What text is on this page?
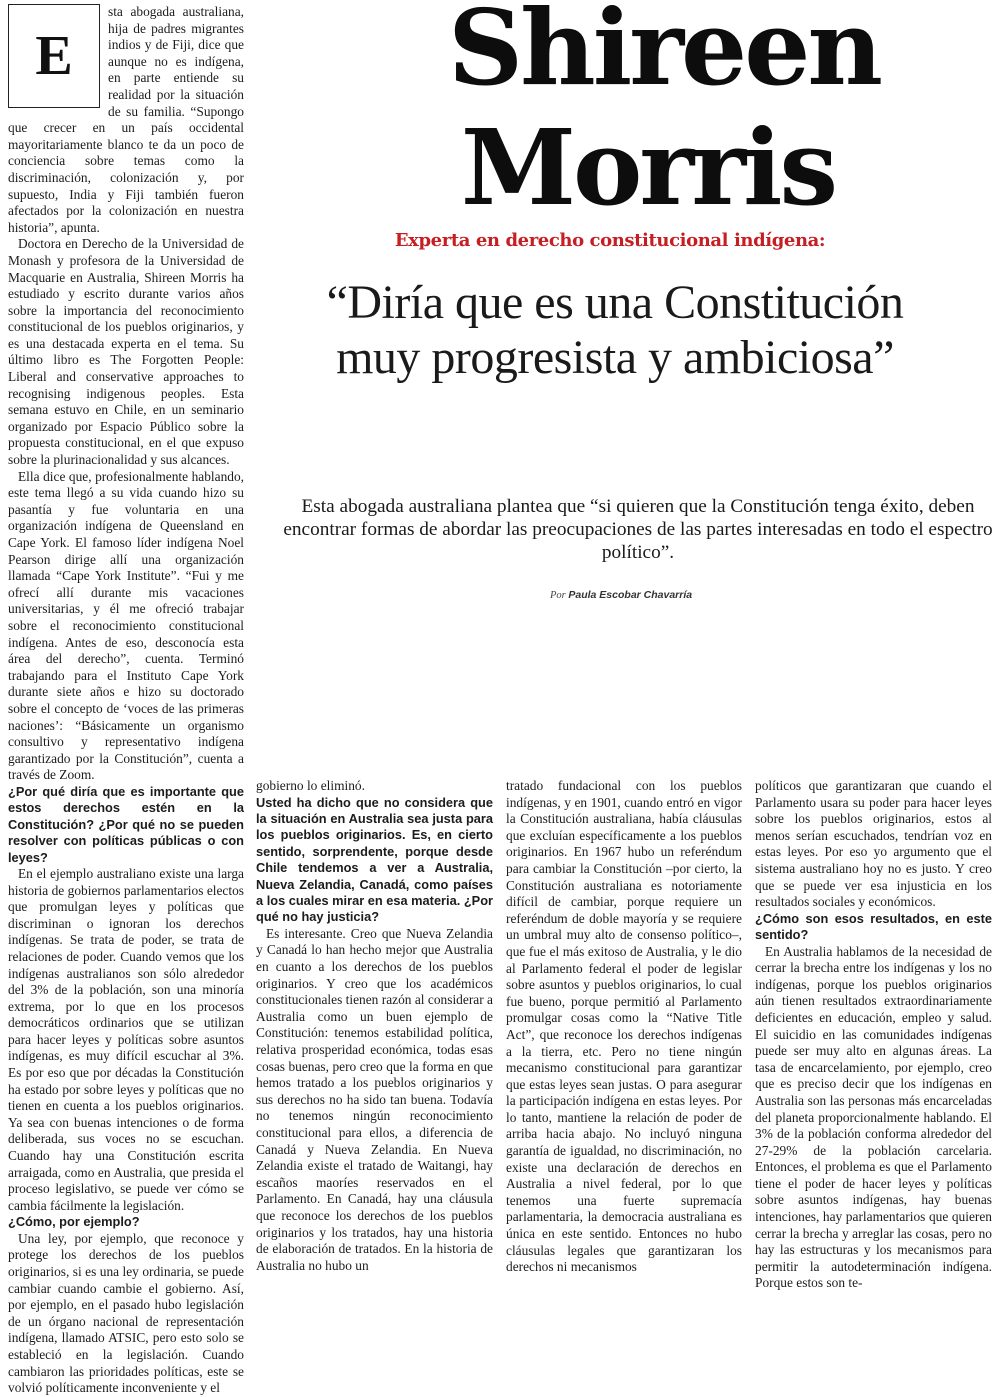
E

sta abogada australiana, hija de padres migrantes indios y de Fiji, dice que aunque no es indígena, en parte entiende su realidad por la situación de su familia. “Supongo que crecer en un país occidental mayoritariamente blanco te da un poco de conciencia sobre temas como la discriminación, colonización y, por supuesto, India y Fiji también fueron afectados por la colonización en nuestra historia”, apunta.

Doctora en Derecho de la Universidad de Monash y profesora de la Universidad de Macquarie en Australia, Shireen Morris ha estudiado y escrito durante varios años sobre la importancia del reconocimiento constitucional de los pueblos originarios, y es una destacada experta en el tema. Su último libro es The Forgotten People: Liberal and conservative approaches to recognising indigenous peoples. Esta semana estuvo en Chile, en un seminario organizado por Espacio Público sobre la propuesta constitucional, en el que expuso sobre la plurinacionalidad y sus alcances.

Ella dice que, profesionalmente hablando, este tema llegó a su vida cuando hizo su pasantía y fue voluntaria en una organización indígena de Queensland en Cape York. El famoso líder indígena Noel Pearson dirige allí una organización llamada “Cape York Institute”. “Fui y me ofrecí allí durante mis vacaciones universitarias, y él me ofreció trabajar sobre el reconocimiento constitucional indígena. Antes de eso, desconocía esta área del derecho”, cuenta. Terminó trabajando para el Instituto Cape York durante siete años e hizo su doctorado sobre el concepto de ‘voces de las primeras naciones’: “Básicamente un organismo consultivo y representativo indígena garantizado por la Constitución”, cuenta a través de Zoom.

¿Por qué diría que es importante que estos derechos estén en la Constitución? ¿Por qué no se pueden resolver con políticas públicas o con leyes?

En el ejemplo australiano existe una larga historia de gobiernos parlamentarios electos que promulgan leyes y políticas que discriminan o ignoran los derechos indígenas. Se trata de poder, se trata de relaciones de poder. Cuando vemos que los indígenas australianos son sólo alrededor del 3% de la población, son una minoría extrema, por lo que en los procesos democráticos ordinarios que se utilizan para hacer leyes y políticas sobre asuntos indígenas, es muy difícil escuchar al 3%. Es por eso que por décadas la Constitución ha estado por sobre leyes y políticas que no tienen en cuenta a los pueblos originarios. Ya sea con buenas intenciones o de forma deliberada, sus voces no se escuchan. Cuando hay una Constitución escrita arraigada, como en Australia, que presida el proceso legislativo, se puede ver cómo se cambia fácilmente la legislación.

¿Cómo, por ejemplo?

Una ley, por ejemplo, que reconoce y protege los derechos de los pueblos originarios, si es una ley ordinaria, se puede cambiar cuando cambie el gobierno. Así, por ejemplo, en el pasado hubo legislación de un órgano nacional de representación indígena, llamado ATSIC, pero esto solo se estableció en la legislación. Cuando cambiaron las prioridades políticas, este se volvió políticamente inconveniente y el

Shireen
Morris
Experta en derecho constitucional indígena:
“Diría que es una Constitución muy progresista y ambiciosa”
Esta abogada australiana plantea que “si quieren que la Constitución tenga éxito, deben encontrar formas de abordar las preocupaciones de las partes interesadas en todo el espectro político”.
Por Paula Escobar Chavarría

gobierno lo eliminó.

Usted ha dicho que no considera que la situación en Australia sea justa para los pueblos originarios. Es, en cierto sentido, sorprendente, porque desde Chile tendemos a ver a Australia, Nueva Zelandia, Canadá, como países a los cuales mirar en esa materia. ¿Por qué no hay justicia?

Es interesante. Creo que Nueva Zelandia y Canadá lo han hecho mejor que Australia en cuanto a los derechos de los pueblos originarios. Y creo que los académicos constitucionales tienen razón al considerar a Australia como un buen ejemplo de Constitución: tenemos estabilidad política, relativa prosperidad económica, todas esas cosas buenas, pero creo que la forma en que hemos tratado a los pueblos originarios y sus derechos no ha sido tan buena. Todavía no tenemos ningún reconocimiento constitucional para ellos, a diferencia de Canadá y Nueva Zelandia. En Nueva Zelandia existe el tratado de Waitangi, hay escaños maoríes reservados en el Parlamento. En Canadá, hay una cláusula que reconoce los derechos de los pueblos originarios y los tratados, hay una historia de elaboración de tratados. En la historia de Australia no hubo un

tratado fundacional con los pueblos indígenas, y en 1901, cuando entró en vigor la Constitución australiana, había cláusulas que excluían específicamente a los pueblos originarios. En 1967 hubo un referéndum para cambiar la Constitución –por cierto, la Constitución australiana es notoriamente difícil de cambiar, porque requiere un referéndum de doble mayoría y se requiere un umbral muy alto de consenso político–, que fue el más exitoso de Australia, y le dio al Parlamento federal el poder de legislar sobre asuntos y pueblos originarios, lo cual fue bueno, porque permitió al Parlamento promulgar cosas como la “Native Title Act”, que reconoce los derechos indígenas a la tierra, etc. Pero no tiene ningún mecanismo constitucional para garantizar que estas leyes sean justas. O para asegurar la participación indígena en estas leyes. Por lo tanto, mantiene la relación de poder de arriba hacia abajo. No incluyó ninguna garantía de igualdad, no discriminación, no existe una declaración de derechos en Australia a nivel federal, por lo que tenemos una fuerte supremacía parlamentaria, la democracia australiana es única en este sentido. Entonces no hubo cláusulas legales que garantizaran los derechos ni mecanismos

políticos que garantizaran que cuando el Parlamento usara su poder para hacer leyes sobre los pueblos originarios, estos al menos serían escuchados, tendrían voz en estas leyes. Por eso yo argumento que el sistema australiano hoy no es justo. Y creo que se puede ver esa injusticia en los resultados sociales y económicos.

¿Cómo son esos resultados, en este sentido?

En Australia hablamos de la necesidad de cerrar la brecha entre los indígenas y los no indígenas, porque los pueblos originarios aún tienen resultados extraordinariamente deficientes en educación, empleo y salud. El suicidio en las comunidades indígenas puede ser muy alto en algunas áreas. La tasa de encarcelamiento, por ejemplo, creo que es preciso decir que los indígenas en Australia son las personas más encarceladas del planeta proporcionalmente hablando. El 3% de la población conforma alrededor del 27-29% de la población carcelaria. Entonces, el problema es que el Parlamento tiene el poder de hacer leyes y políticas sobre asuntos indígenas, hay buenas intenciones, hay parlamentarios que quieren cerrar la brecha y arreglar las cosas, pero no hay las estructuras y los mecanismos para permitir la autodeterminación indígena. Porque estos son te-
